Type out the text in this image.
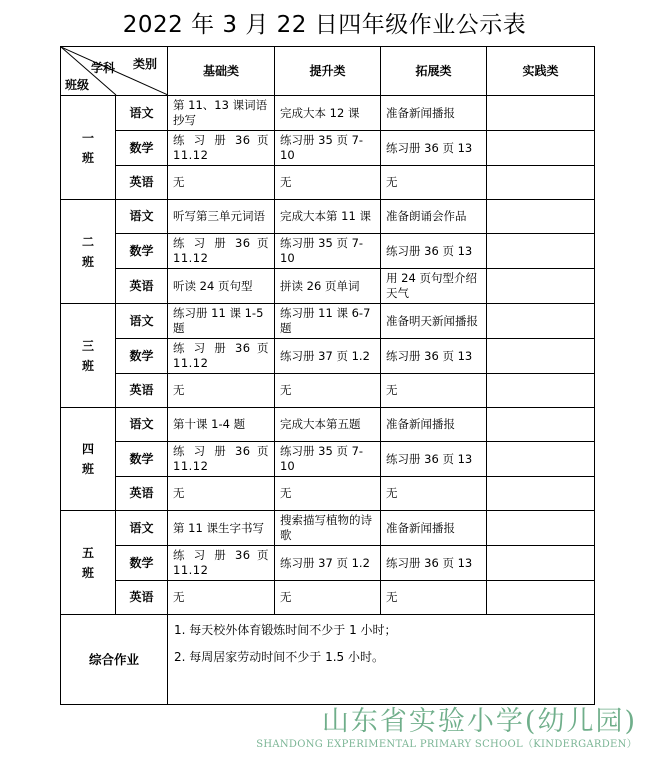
2022 年 3 月 22 日四年级作业公示表
类别
学科
班级		基础类	提升类	拓展类	实践类

一
班	语文	第 11、13 课词语抄写	完成大本 12 课	准备新闻播报	
	数学	练 习 册 36 页 11.12	练习册 35 页 7-10	练习册 36 页 13	
	英语	无	无	无	

二
班	语文	听写第三单元词语	完成大本第 11 课	准备朗诵会作品	
	数学	练 习 册 36 页 11.12	练习册 35 页 7-10	练习册 36 页 13	
	英语	听读 24 页句型	拼读 26 页单词	用 24 页句型介绍天气	

三
班	语文	练习册 11 课 1-5 题	练习册 11 课 6-7 题	准备明天新闻播报	
	数学	练 习 册 36 页 11.12	练习册 37 页 1.2	练习册 36 页 13	
	英语	无	无	无	

四
班	语文	第十课 1-4 题	完成大本第五题	准备新闻播报	
	数学	练 习 册 36 页 11.12	练习册 35 页 7-10	练习册 36 页 13	
	英语	无	无	无	

五
班	语文	第 11 课生字书写	搜索描写植物的诗歌	准备新闻播报	
	数学	练 习 册 36 页 11.12	练习册 37 页 1.2	练习册 36 页 13	
	英语	无	无	无	
综合作业		1. 每天校外体育锻炼时间不少于 1 小时；
2. 每周居家劳动时间不少于 1.5 小时。			
山东省实验小学(幼儿园)
SHANDONG EXPERIMENTAL PRIMARY SCHOOL（KINDERGARDEN）
